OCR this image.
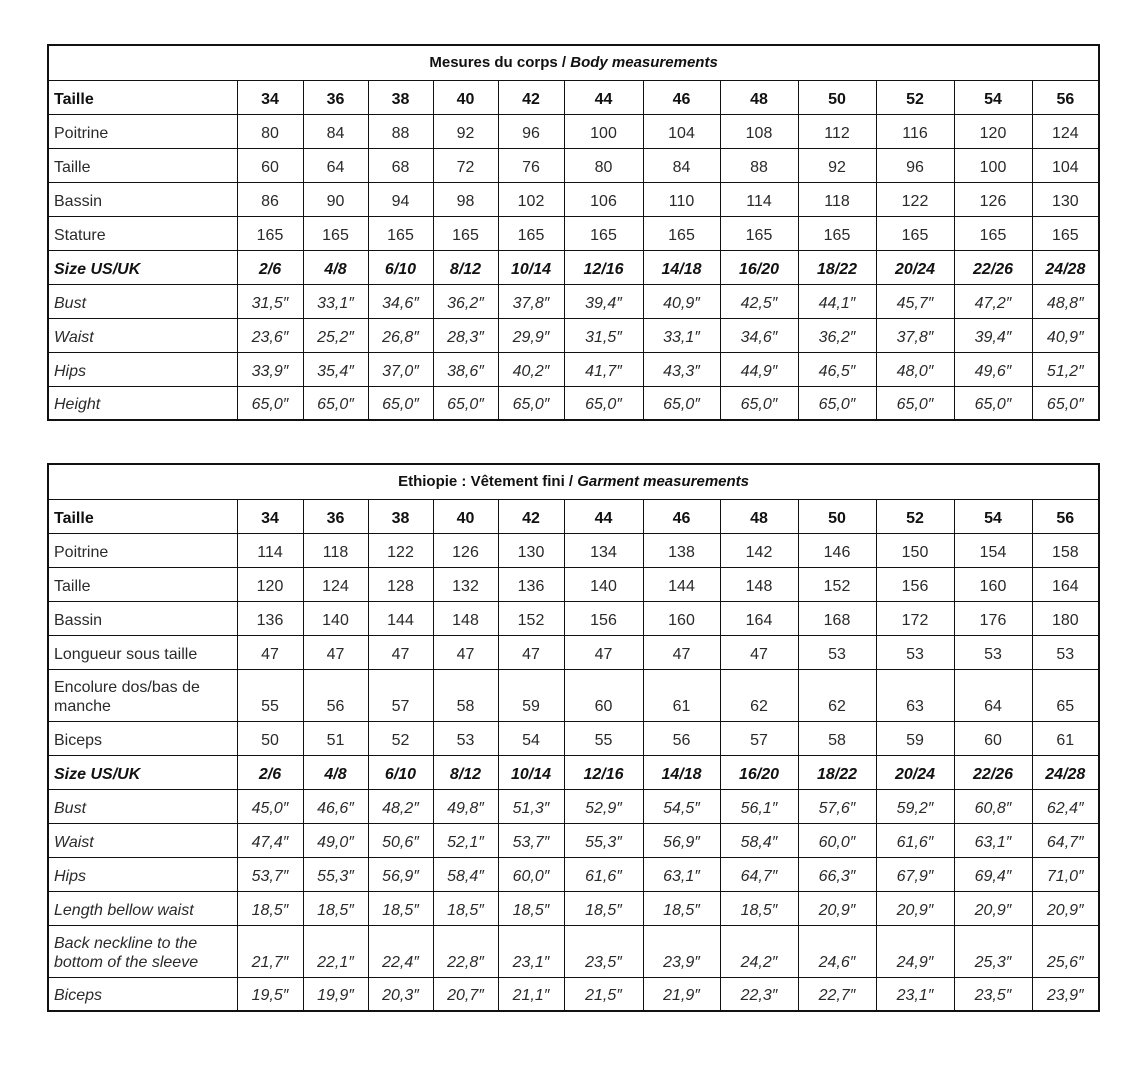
Mesures du corps / Body measurements												
Taille	34	36	38	40	42	44	46	48	50	52	54	56
Poitrine	80	84	88	92	96	100	104	108	112	116	120	124
Taille	60	64	68	72	76	80	84	88	92	96	100	104
Bassin	86	90	94	98	102	106	110	114	118	122	126	130
Stature	165	165	165	165	165	165	165	165	165	165	165	165
Size US/UK	2/6	4/8	6/10	8/12	10/14	12/16	14/18	16/20	18/22	20/24	22/26	24/28
Bust	31,5″	33,1″	34,6″	36,2″	37,8″	39,4″	40,9″	42,5″	44,1″	45,7″	47,2″	48,8″
Waist	23,6″	25,2″	26,8″	28,3″	29,9″	31,5″	33,1″	34,6″	36,2″	37,8″	39,4″	40,9″
Hips	33,9″	35,4″	37,0″	38,6″	40,2″	41,7″	43,3″	44,9″	46,5″	48,0″	49,6″	51,2″
Height	65,0″	65,0″	65,0″	65,0″	65,0″	65,0″	65,0″	65,0″	65,0″	65,0″	65,0″	65,0″
Ethiopie : Vêtement fini / Garment measurements												
Taille	34	36	38	40	42	44	46	48	50	52	54	56
Poitrine	114	118	122	126	130	134	138	142	146	150	154	158
Taille	120	124	128	132	136	140	144	148	152	156	160	164
Bassin	136	140	144	148	152	156	160	164	168	172	176	180
Longueur sous taille	47	47	47	47	47	47	47	47	53	53	53	53
Encolure dos/bas de manche	55	56	57	58	59	60	61	62	62	63	64	65
Biceps	50	51	52	53	54	55	56	57	58	59	60	61
Size US/UK	2/6	4/8	6/10	8/12	10/14	12/16	14/18	16/20	18/22	20/24	22/26	24/28
Bust	45,0″	46,6″	48,2″	49,8″	51,3″	52,9″	54,5″	56,1″	57,6″	59,2″	60,8″	62,4″
Waist	47,4″	49,0″	50,6″	52,1″	53,7″	55,3″	56,9″	58,4″	60,0″	61,6″	63,1″	64,7″
Hips	53,7″	55,3″	56,9″	58,4″	60,0″	61,6″	63,1″	64,7″	66,3″	67,9″	69,4″	71,0″
Length bellow waist	18,5″	18,5″	18,5″	18,5″	18,5″	18,5″	18,5″	18,5″	20,9″	20,9″	20,9″	20,9″
Back neckline to the bottom of the sleeve	21,7″	22,1″	22,4″	22,8″	23,1″	23,5″	23,9″	24,2″	24,6″	24,9″	25,3″	25,6″
Biceps	19,5″	19,9″	20,3″	20,7″	21,1″	21,5″	21,9″	22,3″	22,7″	23,1″	23,5″	23,9″
